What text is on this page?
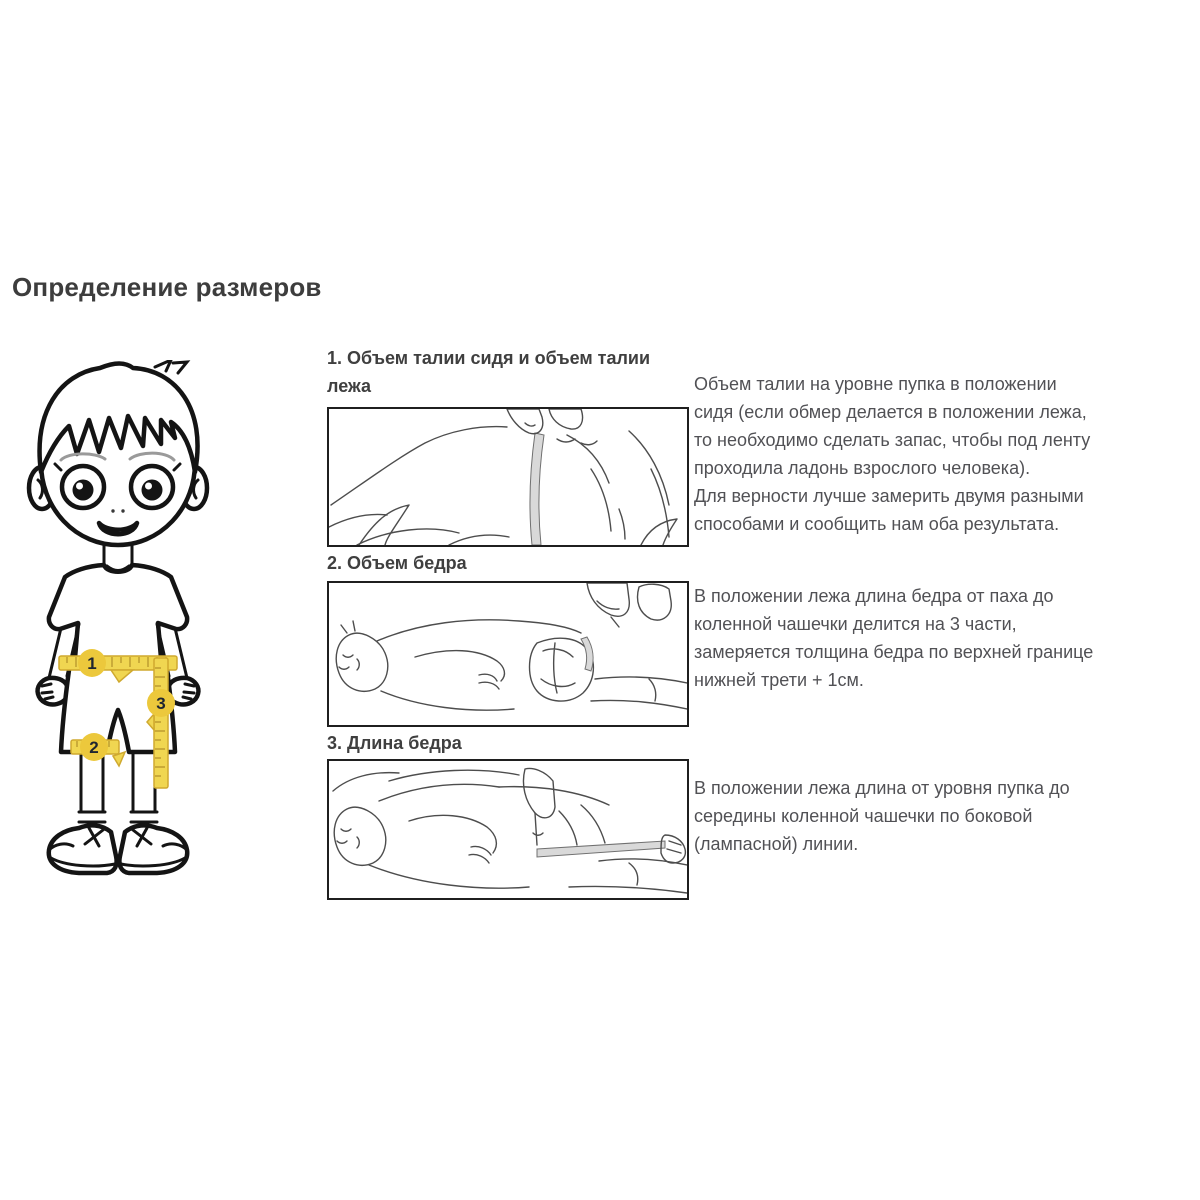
Определение размеров
1
3
2
1. Объем талии сидя и объем талии лежа	Объем талии на уровне пупка в положении сидя (если обмер делается в положении лежа, то необходимо сделать запас, чтобы под ленту проходила ладонь взрослого человека).

Для верности лучше замерить двумя разными способами и сообщить нам оба результата.

2. Объем бедра

В положении лежа длина бедра от паха до коленной чашечки делится на 3 части, замеряется толщина бедра по верхней границе нижней трети + 1см.

3. Длина бедра

В положении лежа длина от уровня пупка до середины коленной чашечки по боковой (лампасной) линии.
